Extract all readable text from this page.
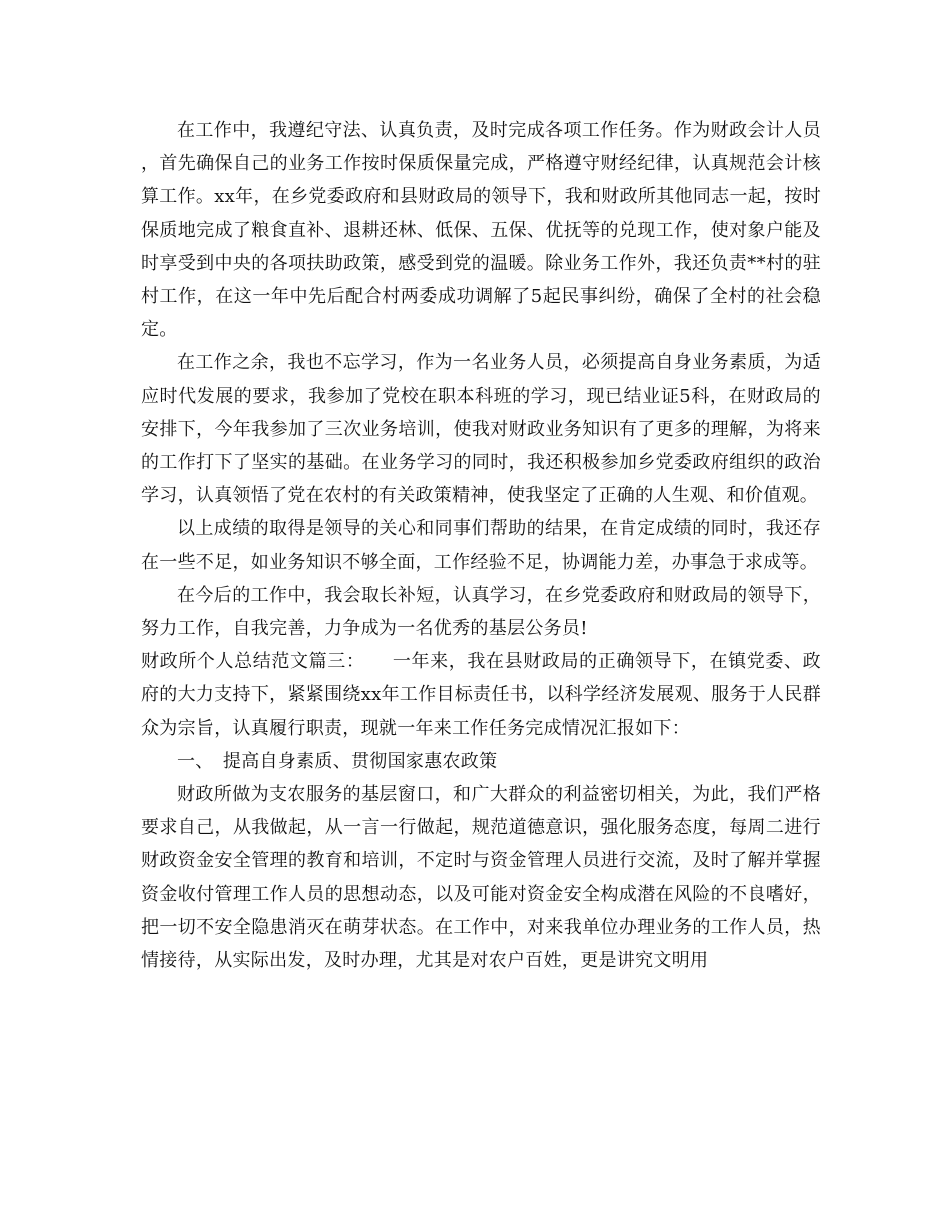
在工作中，我遵纪守法、认真负责，及时完成各项工作任务。作为财政会计人员，首先确保自己的业务工作按时保质保量完成，严格遵守财经纪律，认真规范会计核算工作。xx年，在乡党委政府和县财政局的领导下，我和财政所其他同志一起，按时保质地完成了粮食直补、退耕还林、低保、五保、优抚等的兑现工作，使对象户能及时享受到中央的各项扶助政策，感受到党的温暖。除业务工作外，我还负责**村的驻村工作，在这一年中先后配合村两委成功调解了5起民事纠纷，确保了全村的社会稳定。

在工作之余，我也不忘学习，作为一名业务人员，必须提高自身业务素质，为适应时代发展的要求，我参加了党校在职本科班的学习，现已结业证5科，在财政局的安排下，今年我参加了三次业务培训，使我对财政业务知识有了更多的理解，为将来的工作打下了坚实的基础。在业务学习的同时，我还积极参加乡党委政府组织的政治学习，认真领悟了党在农村的有关政策精神，使我坚定了正确的人生观、和价值观。

以上成绩的取得是领导的关心和同事们帮助的结果，在肯定成绩的同时，我还存在一些不足，如业务知识不够全面，工作经验不足，协调能力差，办事急于求成等。

在今后的工作中，我会取长补短，认真学习，在乡党委政府和财政局的领导下，努力工作，自我完善，力争成为一名优秀的基层公务员!

财政所个人总结范文篇三：　　一年来，我在县财政局的正确领导下，在镇党委、政府的大力支持下，紧紧围绕xx年工作目标责任书，以科学经济发展观、服务于人民群众为宗旨，认真履行职责，现就一年来工作任务完成情况汇报如下：

一、　提高自身素质、贯彻国家惠农政策

财政所做为支农服务的基层窗口，和广大群众的利益密切相关，为此，我们严格要求自己，从我做起，从一言一行做起，规范道德意识，强化服务态度，每周二进行财政资金安全管理的教育和培训，不定时与资金管理人员进行交流，及时了解并掌握资金收付管理工作人员的思想动态，以及可能对资金安全构成潜在风险的不良嗜好，把一切不安全隐患消灭在萌芽状态。在工作中，对来我单位办理业务的工作人员，热情接待，从实际出发，及时办理，尤其是对农户百姓，更是讲究文明用
